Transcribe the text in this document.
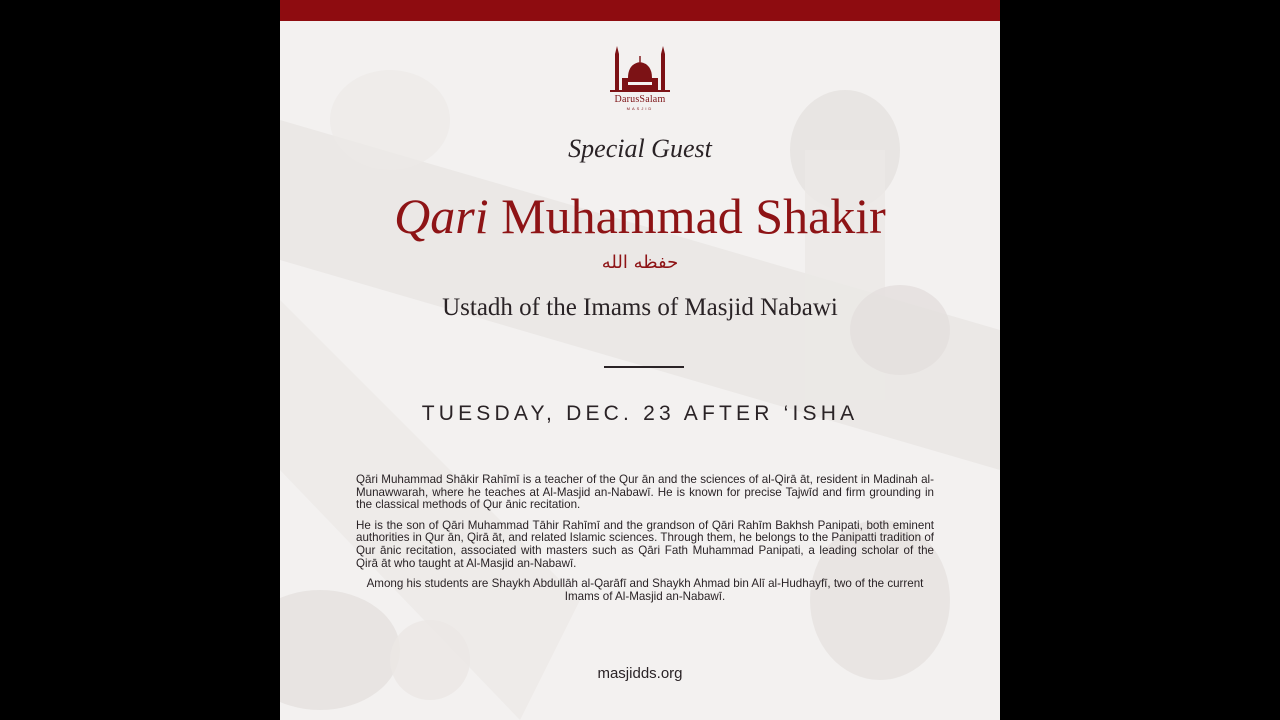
DarusSalam
MASJID
Special Guest
Qari Muhammad Shakir
حفظه الله
Ustadh of the Imams of Masjid Nabawi
TUESDAY, DEC. 23 AFTER ‘ISHA

Qāri Muhammad Shākir Rahīmī is a teacher of the Qur ān and the sciences of al-Qirā āt, resident in Madinah al-Munawwarah, where he teaches at Al-Masjid an-Nabawī. He is known for precise Tajwīd and firm grounding in the classical methods of Qur ānic recitation.

He is the son of Qāri Muhammad Tāhir Rahīmī and the grandson of Qāri Rahīm Bakhsh Panipati, both eminent authorities in Qur ān, Qirā āt, and related Islamic sciences. Through them, he belongs to the Panipatti tradition of Qur ānic recitation, associated with masters such as Qāri Fath Muhammad Panipati, a leading scholar of the Qirā āt who taught at Al-Masjid an-Nabawī.

Among his students are Shaykh Abdullāh al-Qarāfī and Shaykh Ahmad bin Alī al-Hudhayfī, two of the current Imams of Al-Masjid an-Nabawī.

masjidds.org
